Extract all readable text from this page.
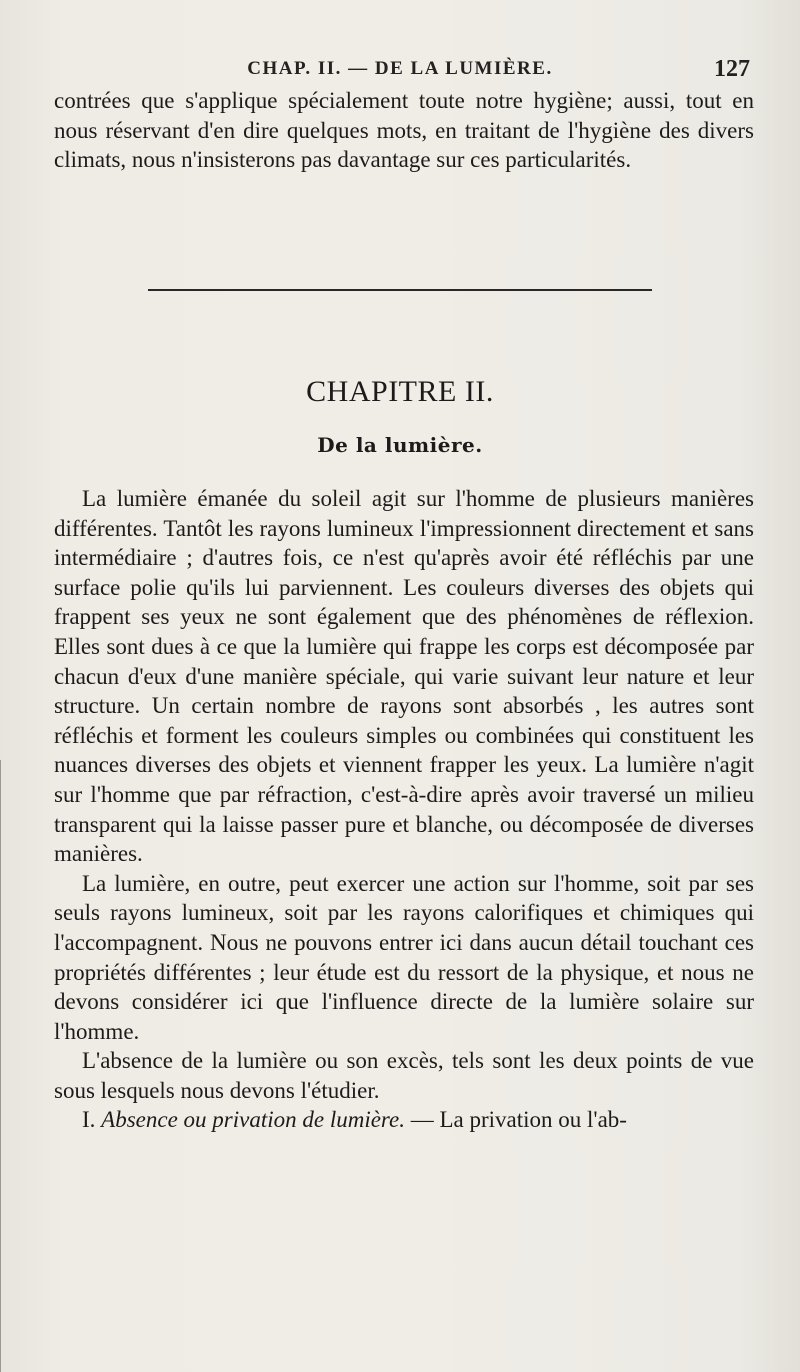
CHAP. II. — DE LA LUMIÈRE.	127

contrées que s'applique spécialement toute notre hygiène; aussi, tout en nous réservant d'en dire quelques mots, en traitant de l'hygiène des divers climats, nous n'insisterons pas davantage sur ces particularités.

CHAPITRE II.
De la lumière.

La lumière émanée du soleil agit sur l'homme de plusieurs manières différentes. Tantôt les rayons lumineux l'impressionnent directement et sans intermédiaire ; d'autres fois, ce n'est qu'après avoir été réfléchis par une surface polie qu'ils lui parviennent. Les couleurs diverses des objets qui frappent ses yeux ne sont également que des phénomènes de réflexion. Elles sont dues à ce que la lumière qui frappe les corps est décomposée par chacun d'eux d'une manière spéciale, qui varie suivant leur nature et leur structure. Un certain nombre de rayons sont absorbés , les autres sont réfléchis et forment les couleurs simples ou combinées qui constituent les nuances diverses des objets et viennent frapper les yeux. La lumière n'agit sur l'homme que par réfraction, c'est-à-dire après avoir traversé un milieu transparent qui la laisse passer pure et blanche, ou décomposée de diverses manières.

La lumière, en outre, peut exercer une action sur l'homme, soit par ses seuls rayons lumineux, soit par les rayons calorifiques et chimiques qui l'accompagnent. Nous ne pouvons entrer ici dans aucun détail touchant ces propriétés différentes ; leur étude est du ressort de la physique, et nous ne devons considérer ici que l'influence directe de la lumière solaire sur l'homme.

L'absence de la lumière ou son excès, tels sont les deux points de vue sous lesquels nous devons l'étudier.

I. Absence ou privation de lumière. — La privation ou l'ab-
